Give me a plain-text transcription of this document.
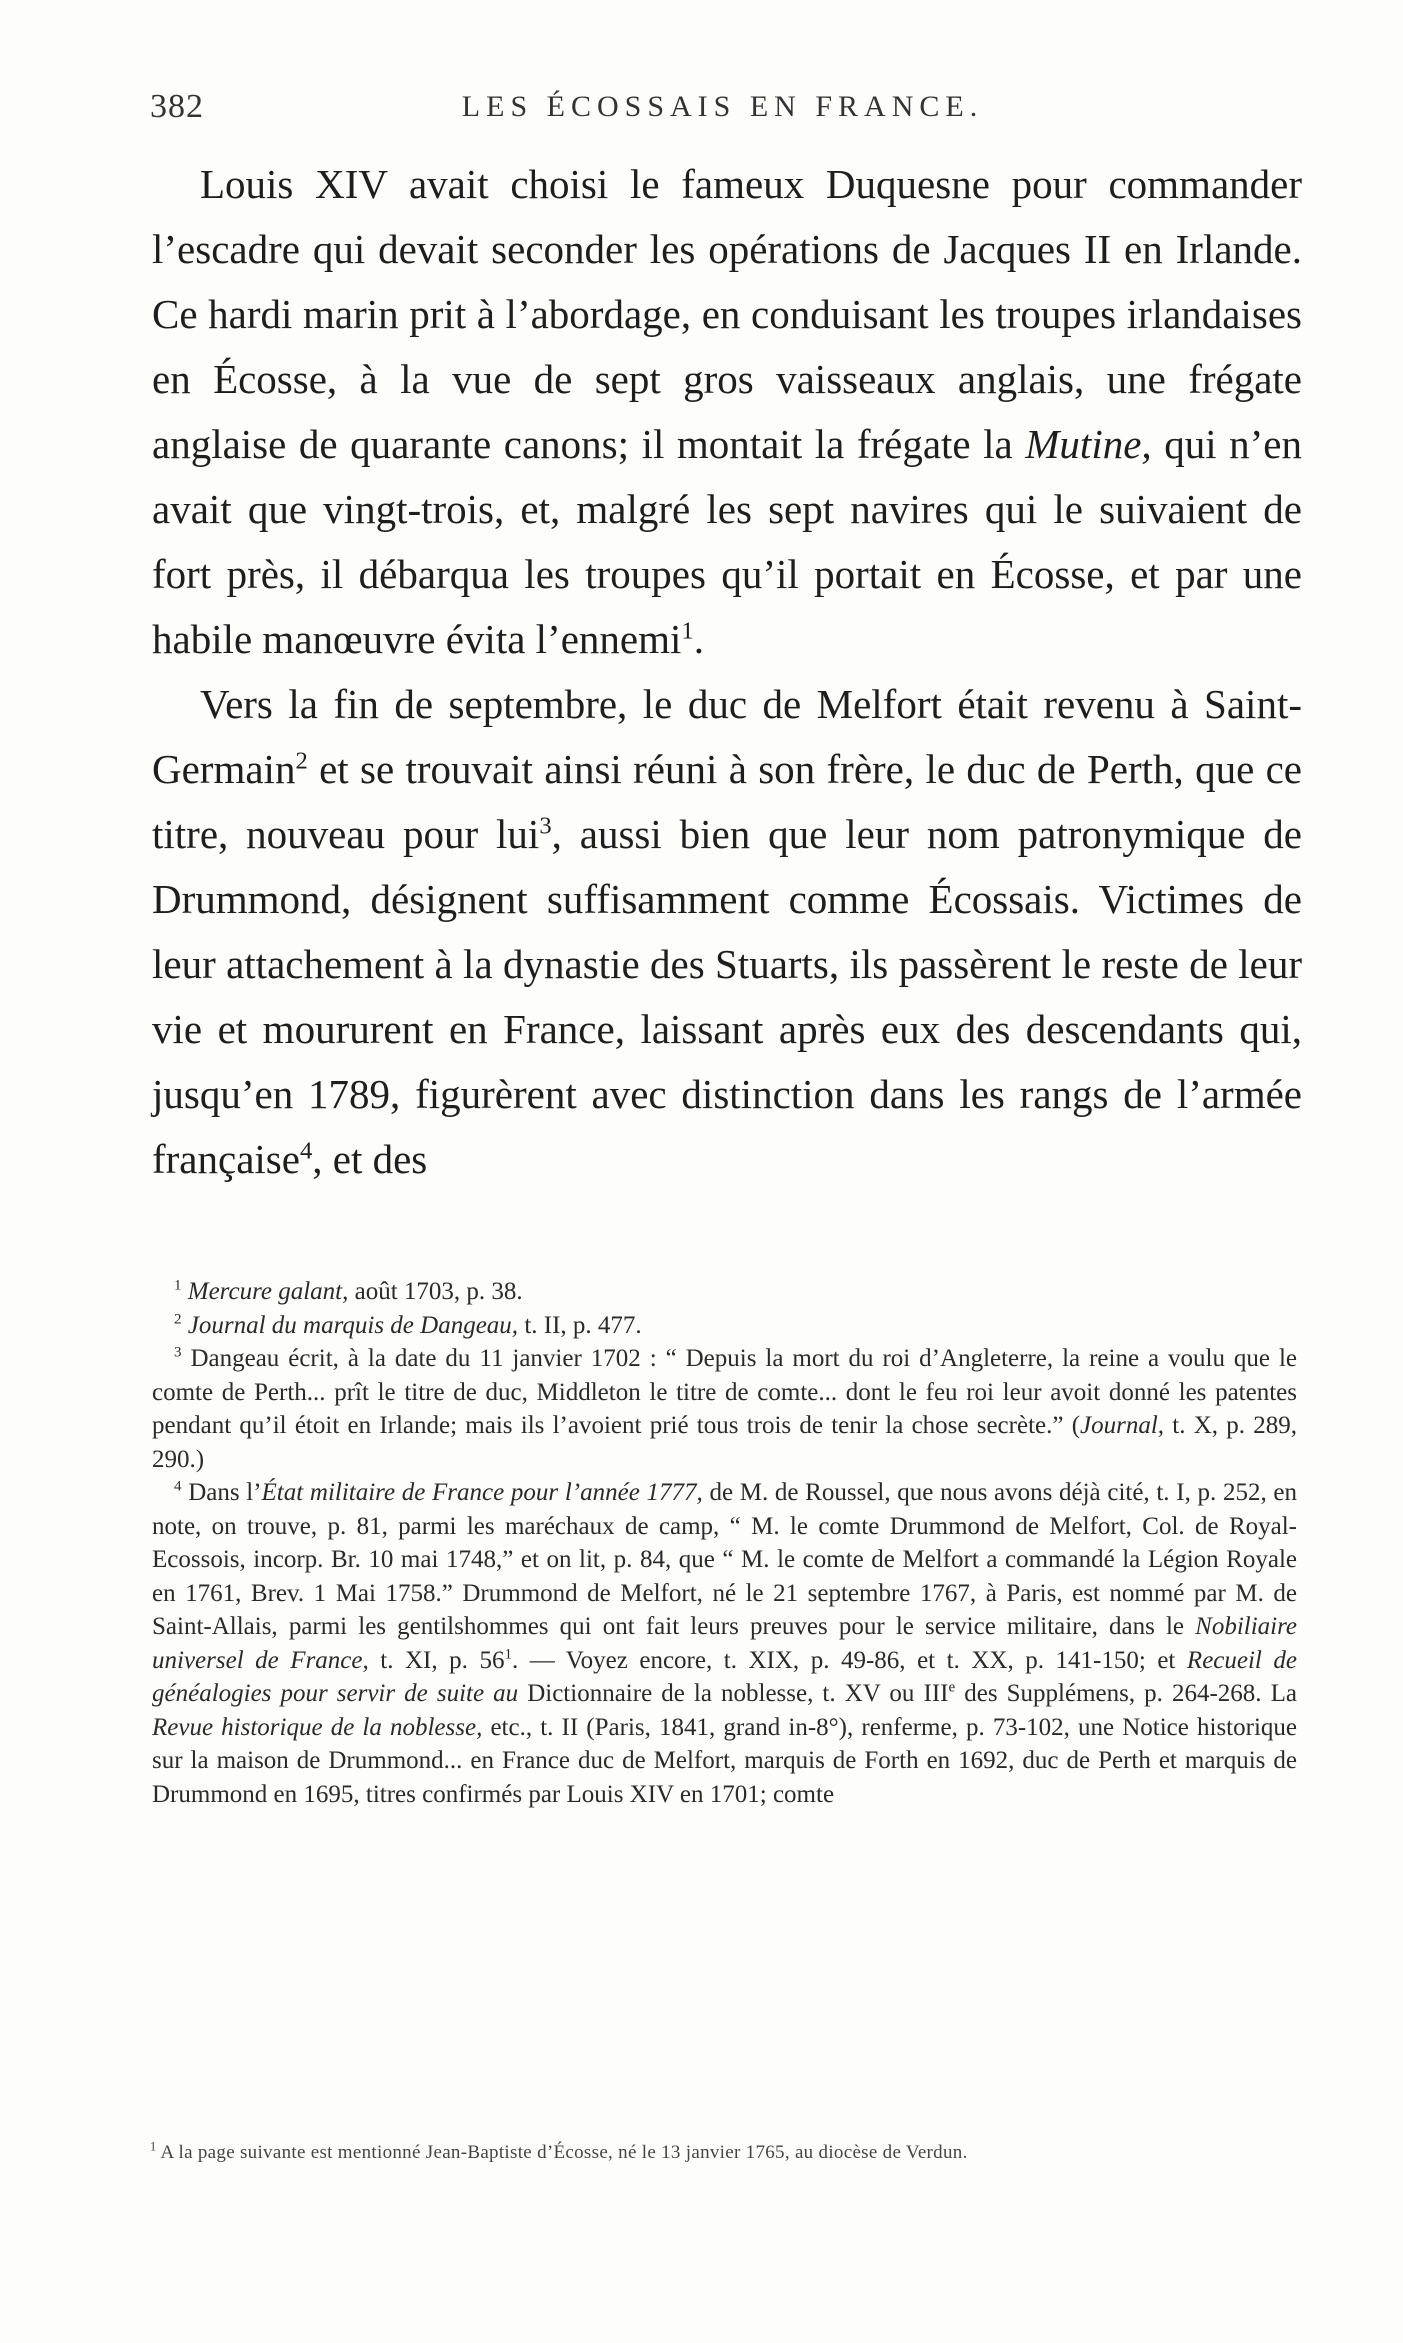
382	LES ÉCOSSAIS EN FRANCE.

Louis XIV avait choisi le fameux Duquesne pour commander l’escadre qui devait seconder les opérations de Jacques II en Irlande. Ce hardi marin prit à l’abordage, en conduisant les troupes irlandaises en Écosse, à la vue de sept gros vaisseaux anglais, une frégate anglaise de quarante canons; il montait la frégate la Mutine, qui n’en avait que vingt-trois, et, malgré les sept navires qui le suivaient de fort près, il débarqua les troupes qu’il portait en Écosse, et par une habile manœuvre évita l’ennemi$^1$.

Vers la fin de septembre, le duc de Melfort était revenu à Saint-Germain$^2$ et se trouvait ainsi réuni à son frère, le duc de Perth, que ce titre, nouveau pour lui$^3$, aussi bien que leur nom patronymique de Drummond, désignent suffisamment comme Écossais. Victimes de leur attachement à la dynastie des Stuarts, ils passèrent le reste de leur vie et moururent en France, laissant après eux des descendants qui, jusqu’en 1789, figurèrent avec distinction dans les rangs de l’armée française$^4$, et des

$^1$ Mercure galant, août 1703, p. 38.

$^2$ Journal du marquis de Dangeau, t. II, p. 477.

$^3$ Dangeau écrit, à la date du 11 janvier 1702 : “ Depuis la mort du roi d’Angleterre, la reine a voulu que le comte de Perth... prît le titre de duc, Middleton le titre de comte... dont le feu roi leur avoit donné les patentes pendant qu’il étoit en Irlande; mais ils l’avoient prié tous trois de tenir la chose secrète.” (Journal, t. X, p. 289, 290.)

$^4$ Dans l’État militaire de France pour l’année 1777, de M. de Roussel, que nous avons déjà cité, t. I, p. 252, en note, on trouve, p. 81, parmi les maréchaux de camp, “ M. le comte Drummond de Melfort, Col. de Royal-Ecossois, incorp. Br. 10 mai 1748,” et on lit, p. 84, que “ M. le comte de Melfort a commandé la Légion Royale en 1761, Brev. 1 Mai 1758.” Drummond de Melfort, né le 21 septembre 1767, à Paris, est nommé par M. de Saint-Allais, parmi les gentilshommes qui ont fait leurs preuves pour le service militaire, dans le Nobiliaire universel de France, t. XI, p. $56^1$. — Voyez encore, t. XIX, p. 49-86, et t. XX, p. 141-150; et Recueil de généalogies pour servir de suite au Dictionnaire de la noblesse, t. XV ou IIIe des Supplémens, p. 264-268. La Revue historique de la noblesse, etc., t. II (Paris, 1841, grand in-8°), renferme, p. 73-102, une Notice historique sur la maison de Drummond... en France duc de Melfort, marquis de Forth en 1692, duc de Perth et marquis de Drummond en 1695, titres confirmés par Louis XIV en 1701; comte

$^1$ A la page suivante est mentionné Jean-Baptiste d’Écosse, né le 13 janvier 1765, au diocèse de Verdun.
